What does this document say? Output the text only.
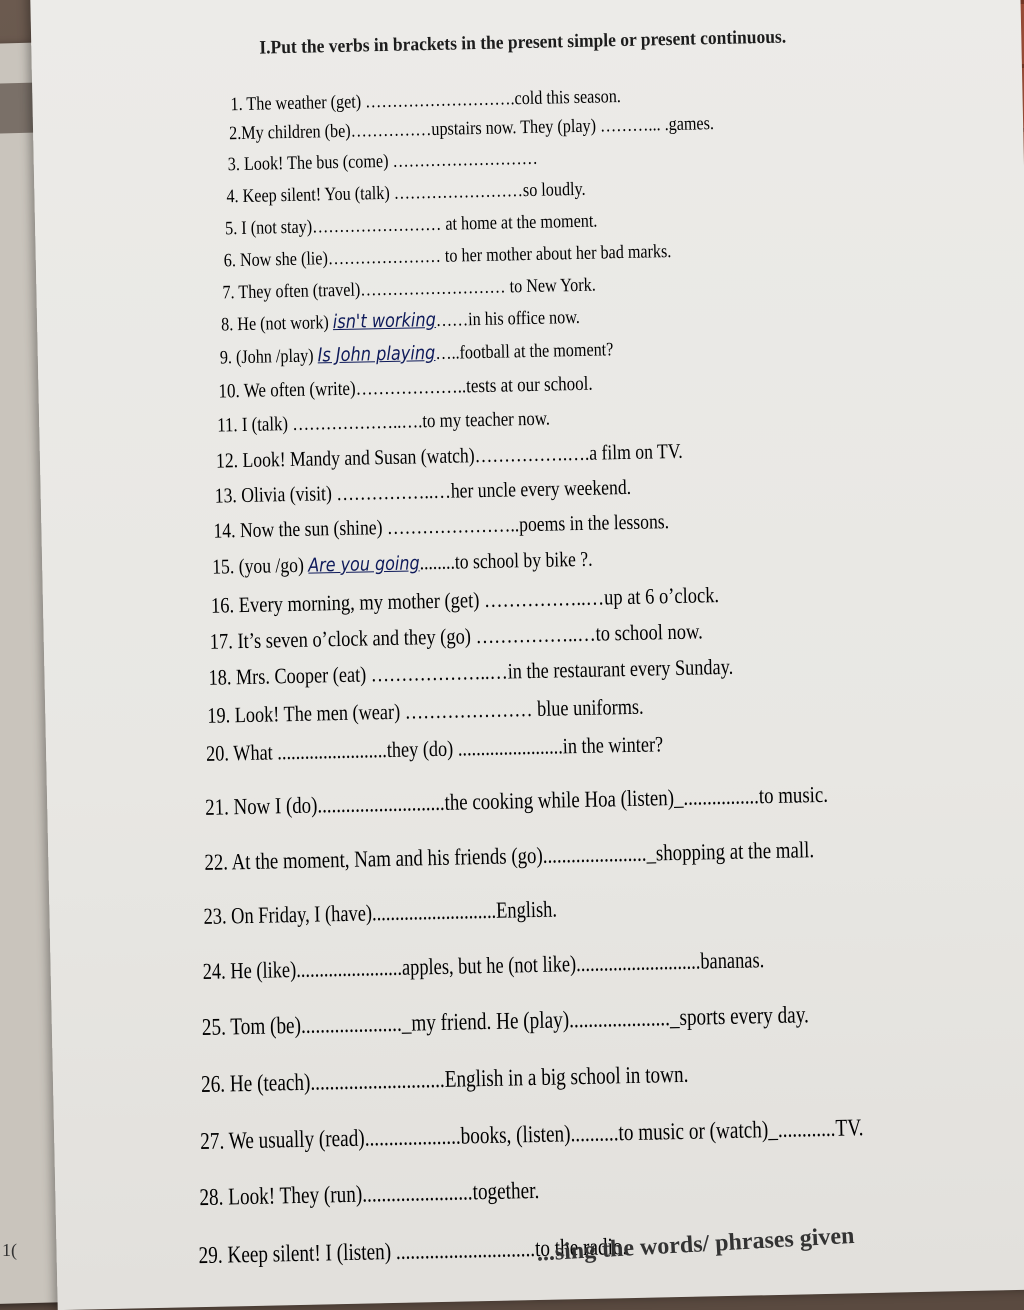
I.Put the verbs in brackets in the present simple or present continuous.
1. The weather (get) ……………………….cold this season.
2.My children (be)……………upstairs now. They (play) ………... .games.
3. Look! The bus (come) ………………………
4. Keep silent! You (talk) ……………………so loudly.
5. I (not stay)…………………… at home at the moment.
6. Now she (lie)………………… to her mother about her bad marks.
7. They often (travel)……………………… to New York.
8. He (not work) isn't working……in his office now.
9. (John /play) Is John playing…..football at the moment?
10. We often (write)………………..tests at our school.
11. I (talk) ………………..….to my teacher now.
12. Look! Mandy and Susan (watch)…………….….a film on TV.
13. Olivia (visit) ……………..…her uncle every weekend.
14. Now the sun (shine) …………………..poems in the lessons.
15. (you /go) Are you going........to school by bike ?.
16. Every morning, my mother (get) ……………..…up at 6 o’clock.
17. It’s seven o’clock and they (go) ……………..…to school now.
18. Mrs. Cooper (eat) ………………..…in the restaurant every Sunday.
19. Look! The men (wear) ………………… blue uniforms.
20. What ........................they (do) .......................in the winter?
21. Now I (do)...........................the cooking while Hoa (listen)_................to music.
22. At the moment, Nam and his friends (go)......................_shopping at the mall.
23. On Friday, I (have)...........................English.
24. He (like).......................apples, but he (not like)...........................bananas.
25. Tom (be)....................._my friend. He (play)....................._sports every day.
26. He (teach)............................English in a big school in town.
27. We usually (read)....................books, (listen)..........to music or (watch)_............TV.
28. Look! They (run).......................together.
29. Keep silent! I (listen) .............................to the radio.
...sing the words/ phrases given
1(
